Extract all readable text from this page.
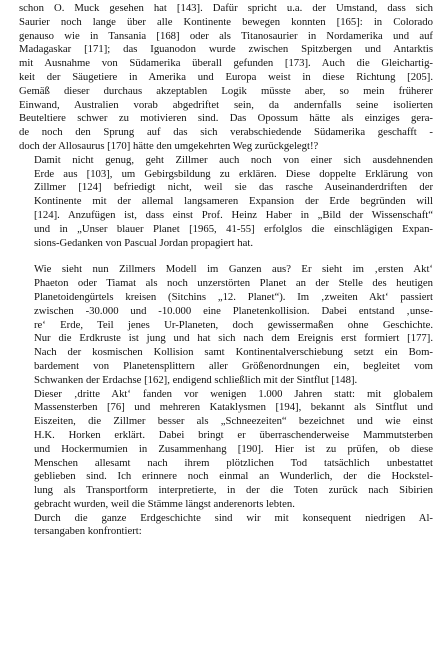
schon O. Muck gesehen hat [143]. Dafür spricht u.a. der Umstand, dass sich
Saurier noch lange über alle Kontinente bewegen konnten [165]: in Colorado
genauso wie in Tansania [168] oder als Titanosaurier in Nordamerika und auf
Madagaskar [171]; das Iguanodon wurde zwischen Spitzbergen und Antarktis
mit Ausnahme von Südamerika überall gefunden [173]. Auch die Gleichartig-
keit der Säugetiere in Amerika und Europa weist in diese Richtung [205].
Gemäß dieser durchaus akzeptablen Logik müsste aber, so mein früherer
Einwand, Australien vorab abgedriftet sein, da andernfalls seine isolierten
Beuteltiere schwer zu motivieren sind. Das Opossum hätte als einziges gera-
de noch den Sprung auf das sich verabschiedende Südamerika geschafft -
doch der Allosaurus [170] hätte den umgekehrten Weg zurückgelegt!?

Damit nicht genug, geht Zillmer auch noch von einer sich ausdehnenden
Erde aus [103], um Gebirgsbildung zu erklären. Diese doppelte Erklärung von
Zillmer [124] befriedigt nicht, weil sie das rasche Auseinanderdriften der
Kontinente mit der allemal langsameren Expansion der Erde begründen will
[124]. Anzufügen ist, dass einst Prof. Heinz Haber in „Bild der Wissenschaft“
und in „Unser blauer Planet [1965, 41-55] erfolglos die einschlägigen Expan-
sions-Gedanken von Pascual Jordan propagiert hat.

Wie sieht nun Zillmers Modell im Ganzen aus? Er sieht im ‚ersten Akt‘
Phaeton oder Tiamat als noch unzerstörten Planet an der Stelle des heutigen
Planetoidengürtels kreisen (Sitchins „12. Planet“). Im ‚zweiten Akt‘ passiert
zwischen -30.000 und -10.000 eine Planetenkollision. Dabei entstand ‚unse-
re‘ Erde, Teil jenes Ur-Planeten, doch gewissermaßen ohne Geschichte.
Nur die Erdkruste ist jung und hat sich nach dem Ereignis erst formiert [177].
Nach der kosmischen Kollision samt Kontinentalverschiebung setzt ein Bom-
bardement von Planetensplittern aller Größenordnungen ein, begleitet vom
Schwanken der Erdachse [162], endigend schließlich mit der Sintflut [148].

Dieser ‚dritte Akt‘ fanden vor wenigen 1.000 Jahren statt: mit globalem
Massensterben [76] und mehreren Kataklysmen [194], bekannt als Sintflut und
Eiszeiten, die Zillmer besser als „Schneezeiten“ bezeichnet und wie einst
H.K. Horken erklärt. Dabei bringt er überraschenderweise Mammutsterben
und Hockermumien in Zusammenhang [190]. Hier ist zu prüfen, ob diese
Menschen allesamt nach ihrem plötzlichen Tod tatsächlich unbestattet
geblieben sind. Ich erinnere noch einmal an Wunderlich, der die Hockstel-
lung als Transportform interpretierte, in der die Toten zurück nach Sibirien
gebracht wurden, weil die Stämme längst anderenorts lebten.

Durch die ganze Erdgeschichte sind wir mit konsequent niedrigen Al-
tersangaben konfrontiert:
